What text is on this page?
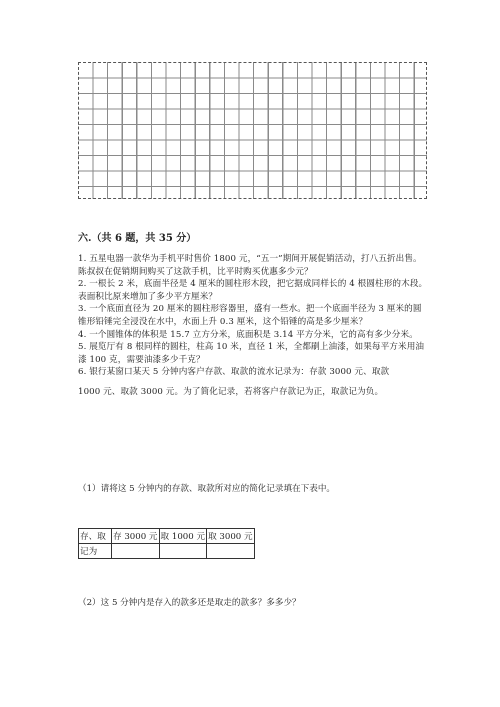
六.（共 6 题，共 35 分）

1. 五星电器一款华为手机平时售价 1800 元，“五一”期间开展促销活动，打八五折出售。陈叔叔在促销期间购买了这款手机，比平时购买优惠多少元？

2. 一根长 2 米，底面半径是 4 厘米的圆柱形木段，把它据成同样长的 4 根圆柱形的木段。表面积比原来增加了多少平方厘米？

3. 一个底面直径为 20 厘米的圆柱形容器里，盛有一些水。把一个底面半径为 3 厘米的圆锥形铅锤完全浸没在水中，水面上升 0.3 厘米，这个铅锤的高是多少厘米？

4. 一个圆锥体的体积是 15.7 立方分米，底面积是 3.14 平方分米，它的高有多少分米。

5. 展览厅有 8 根同样的圆柱，柱高 10 米，直径 1 米，全都刷上油漆，如果每平方米用油漆 100 克，需要油漆多少千克？

6. 银行某窗口某天 5 分钟内客户存款、取款的流水记录为：存款 3000 元、取款

1000 元、取款 3000 元。为了简化记录，若将客户存款记为正，取款记为负。

（1）请将这 5 分钟内的存款、取款所对应的简化记录填在下表中。
存、取	存 3000 元	取 1000 元	取 3000 元
记为			
（2）这 5 分钟内是存入的款多还是取走的款多？多多少？
